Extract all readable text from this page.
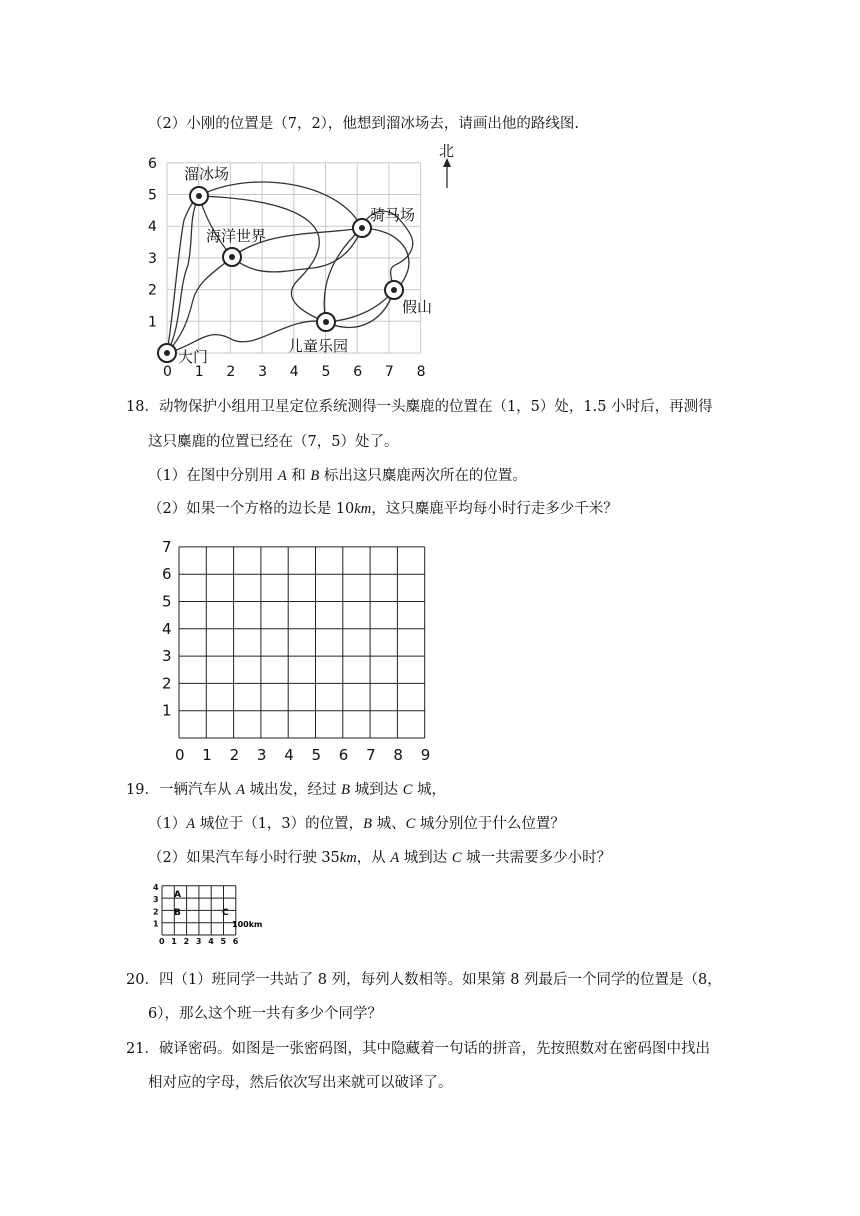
（2）小刚的位置是（7，2），他想到溜冰场去，请画出他的路线图.
0 1 2 3 4 5 6 7 8
1
2
3
4
5
6
溜冰场
骑马场
海洋世界
假山
儿童乐园
大门
北
18．动物保护小组用卫星定位系统测得一头麋鹿的位置在（1，5）处，1.5 小时后，再测得
这只麋鹿的位置已经在（7，5）处了。
（1）在图中分别用 A 和 B 标出这只麋鹿两次所在的位置。
（2）如果一个方格的边长是 10km，这只麋鹿平均每小时行走多少千米？
0 1 2 3 4 5 6 7 8 9
1
2
3
4
5
6
7
19．一辆汽车从 A 城出发，经过 B 城到达 C 城，
（1）A 城位于（1，3）的位置，B 城、C 城分别位于什么位置？
（2）如果汽车每小时行驶 35km，从 A 城到达 C 城一共需要多少小时？
0 1 2 3 4 5 6
1
2
3
4
A
B	C
100km
20．四（1）班同学一共站了 8 列，每列人数相等。如果第 8 列最后一个同学的位置是（8，
6），那么这个班一共有多少个同学？
21．破译密码。如图是一张密码图，其中隐藏着一句话的拼音，先按照数对在密码图中找出
相对应的字母，然后依次写出来就可以破译了。
